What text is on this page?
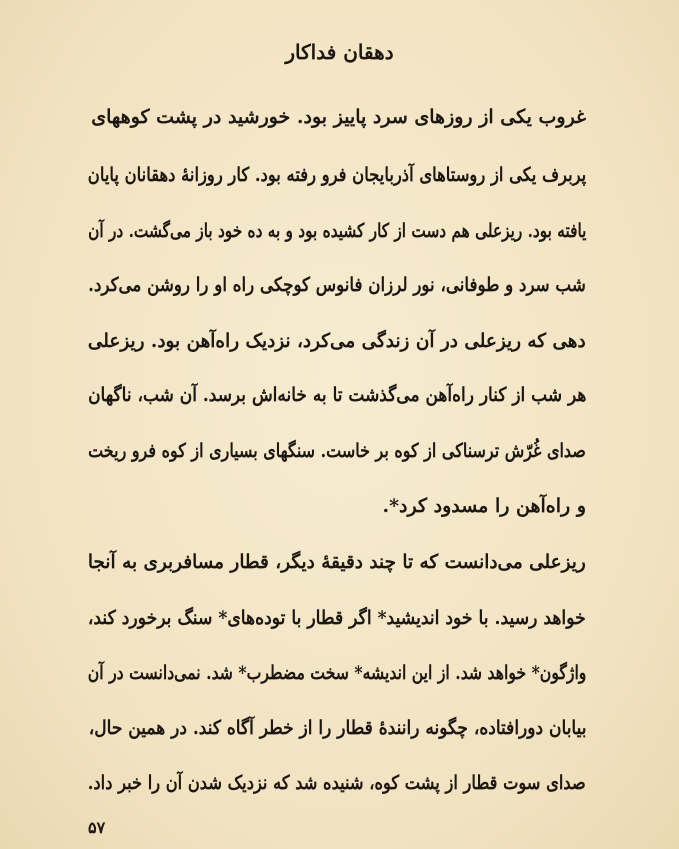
دهقان فداکار
غروب یکی از روزهای سرد پاییز بود. خورشید در پشت کوههای
پربرف یکی از روستاهای آذربایجان فرو رفته بود. کار روزانهٔ دهقانان پایان
یافته بود. ریزعلی هم دست از کار کشیده بود و به ده خود باز می‌گشت. در آن
شب سرد و طوفانی، نور لرزان فانوس کوچکی راه او را روشن می‌کرد.
دهی که ریزعلی در آن زندگی می‌کرد، نزدیک راه‌آهن بود. ریزعلی
هر شب از کنار راه‌آهن می‌گذشت تا به خانه‌اش برسد. آن شب، ناگهان
صدای غُرّش ترسناکی از کوه بر خاست. سنگهای بسیاری از کوه فرو ریخت
و راه‌آهن را مسدود کرد*.
ریزعلی می‌دانست که تا چند دقیقهٔ دیگر، قطار مسافربری به آنجا
خواهد رسید. با خود اندیشید* اگر قطار با توده‌های* سنگ برخورد کند،
واژگون* خواهد شد. از این اندیشه* سخت مضطرب* شد. نمی‌دانست در آن
بیابان دورافتاده، چگونه رانندهٔ قطار را از خطر آگاه کند. در همین حال،
صدای سوت قطار از پشت کوه، شنیده شد که نزدیک شدن آن را خبر داد.
۵۷
